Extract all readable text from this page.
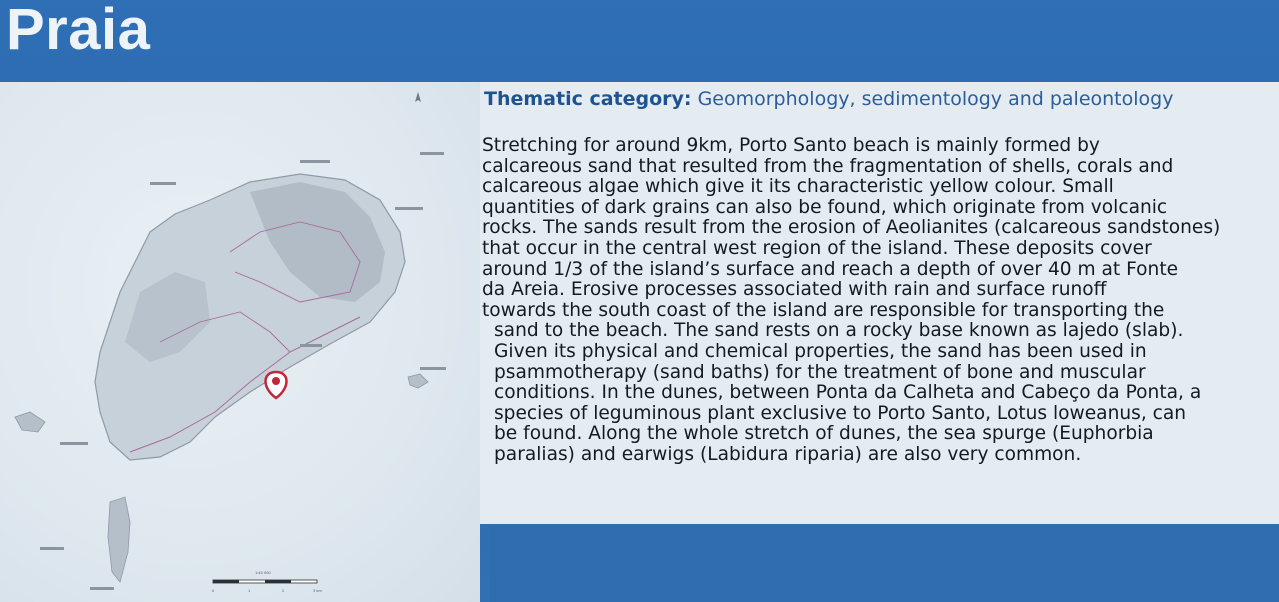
Praia
1:40 000
0	1	2	3 km
Thematic category: Geomorphology, sedimentology and paleontology

Stretching for around 9km, Porto Santo beach is mainly formed by

calcareous sand that resulted from the fragmentation of shells, corals and

calcareous algae which give it its characteristic yellow colour. Small

quantities of dark grains can also be found, which originate from volcanic

rocks. The sands result from the erosion of Aeolianites (calcareous sandstones)

that occur in the central west region of the island. These deposits cover

around 1/3 of the island’s surface and reach a depth of over 40 m at Fonte

da Areia. Erosive processes associated with rain and surface runoff

towards the south coast of the island are responsible for transporting the

sand to the beach. The sand rests on a rocky base known as lajedo (slab).

Given its physical and chemical properties, the sand has been used in

psammotherapy (sand baths) for the treatment of bone and muscular

conditions. In the dunes, between Ponta da Calheta and Cabeço da Ponta, a

species of leguminous plant exclusive to Porto Santo, Lotus loweanus, can

be found. Along the whole stretch of dunes, the sea spurge (Euphorbia

paralias) and earwigs (Labidura riparia) are also very common.
